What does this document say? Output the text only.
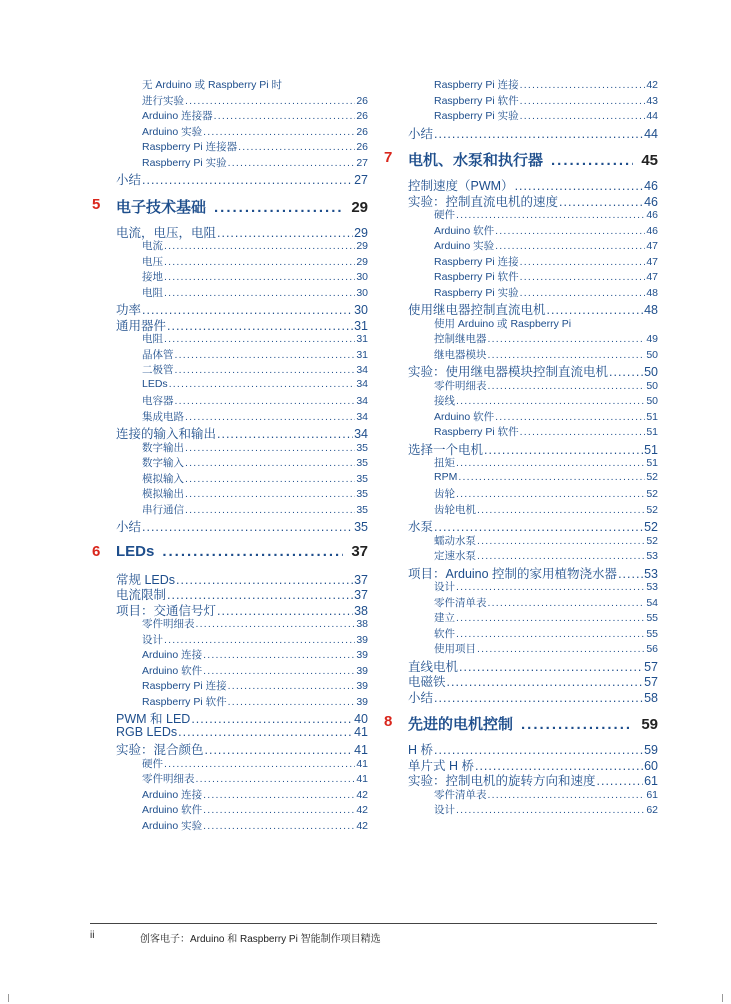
无 Arduino 或 Raspberry Pi 时
进行实验 .....	26
Arduino 连接器 .....	26
Arduino 实验 .....	26
Raspberry Pi 连接器 .....	26
Raspberry Pi 实验 .....	27
小结 .....	27
5 电子技术基础 .....	29
电流，电压，电阻 .....	29
电流 .....	29
电压 .....	29
接地 .....	30
电阻 .....	30
功率 .....	30
通用器件 .....	31
电阻 .....	31
晶体管 .....	31
二极管 .....	34
LEDs .....	34
电容器 .....	34
集成电路 .....	34
连接的输入和输出 .....	34
数字输出 .....	35
数字输入 .....	35
模拟输入 .....	35
模拟输出 .....	35
串行通信 .....	35
小结 .....	35
6 LEDs .....	37
常规 LEDs .....	37
电流限制 .....	37
项目：交通信号灯 .....	38
零件明细表 .....	38
设计 .....	39
Arduino 连接 .....	39
Arduino 软件 .....	39
Raspberry Pi 连接 .....	39
Raspberry Pi 软件 .....	39
PWM 和 LED .....	40
RGB LEDs .....	41
实验：混合颜色 .....	41
硬件 .....	41
零件明细表 .....	41
Arduino 连接 .....	42
Arduino 软件 .....	42
Arduino 实验 .....	42
Raspberry Pi 连接 .....	42
Raspberry Pi 软件 .....	43
Raspberry Pi 实验 .....	44
小结 .....	44
7 电机、水泵和执行器 .....	45
控制速度（PWM） .....	46
实验：控制直流电机的速度 .....	46
硬件 .....	46
Arduino 软件 .....	46
Arduino 实验 .....	47
Raspberry Pi 连接 .....	47
Raspberry Pi 软件 .....	47
Raspberry Pi 实验 .....	48
使用继电器控制直流电机 .....	48
使用 Arduino 或 Raspberry Pi
控制继电器 .....	49
继电器模块 .....	50
实验：使用继电器模块控制直流电机 .....	50
零件明细表 .....	50
接线 .....	50
Arduino 软件 .....	51
Raspberry Pi 软件 .....	51
选择一个电机 .....	51
扭矩 .....	51
RPM .....	52
齿轮 .....	52
齿轮电机 .....	52
水泵 .....	52
蠕动水泵 .....	52
定速水泵 .....	53
项目：Arduino 控制的家用植物浇水器 ..... 53
设计 .....	53
零件清单表 .....	54
建立 .....	55
软件 .....	55
使用项目 .....	56
直线电机 .....	57
电磁铁 .....	57
小结 .....	58
8 先进的电机控制 .....	59
H 桥 .....	59
单片式 H 桥 .....	60
实验：控制电机的旋转方向和速度 .....	61
零件清单表 .....	61
设计 .....	62
ii	创客电子：Arduino 和 Raspberry Pi 智能制作项目精选
